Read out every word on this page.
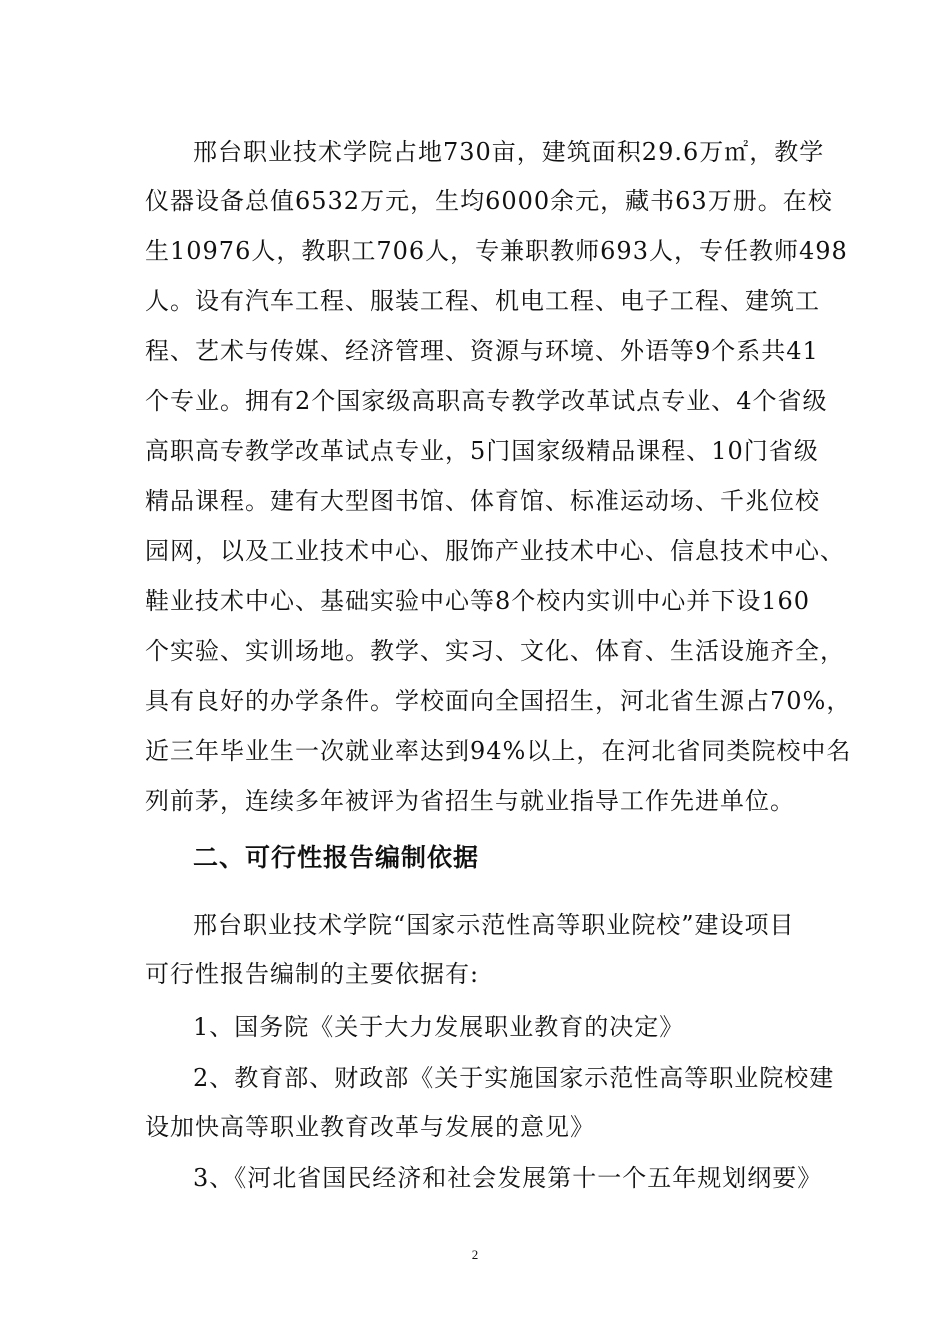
邢台职业技术学院占地730亩，建筑面积29.6万㎡，教学
仪器设备总值6532万元，生均6000余元，藏书63万册。在校
生10976人，教职工706人，专兼职教师693人，专任教师498
人。设有汽车工程、服装工程、机电工程、电子工程、建筑工
程、艺术与传媒、经济管理、资源与环境、外语等9个系共41
个专业。拥有2个国家级高职高专教学改革试点专业、4个省级
高职高专教学改革试点专业，5门国家级精品课程、10门省级
精品课程。建有大型图书馆、体育馆、标准运动场、千兆位校
园网，以及工业技术中心、服饰产业技术中心、信息技术中心、
鞋业技术中心、基础实验中心等8个校内实训中心并下设160
个实验、实训场地。教学、实习、文化、体育、生活设施齐全，
具有良好的办学条件。学校面向全国招生，河北省生源占70%，
近三年毕业生一次就业率达到94%以上，在河北省同类院校中名
列前茅，连续多年被评为省招生与就业指导工作先进单位。
二、可行性报告编制依据
邢台职业技术学院“国家示范性高等职业院校”建设项目
可行性报告编制的主要依据有:
1、国务院《关于大力发展职业教育的决定》
2、教育部、财政部《关于实施国家示范性高等职业院校建
设加快高等职业教育改革与发展的意见》
3、《河北省国民经济和社会发展第十一个五年规划纲要》
2
